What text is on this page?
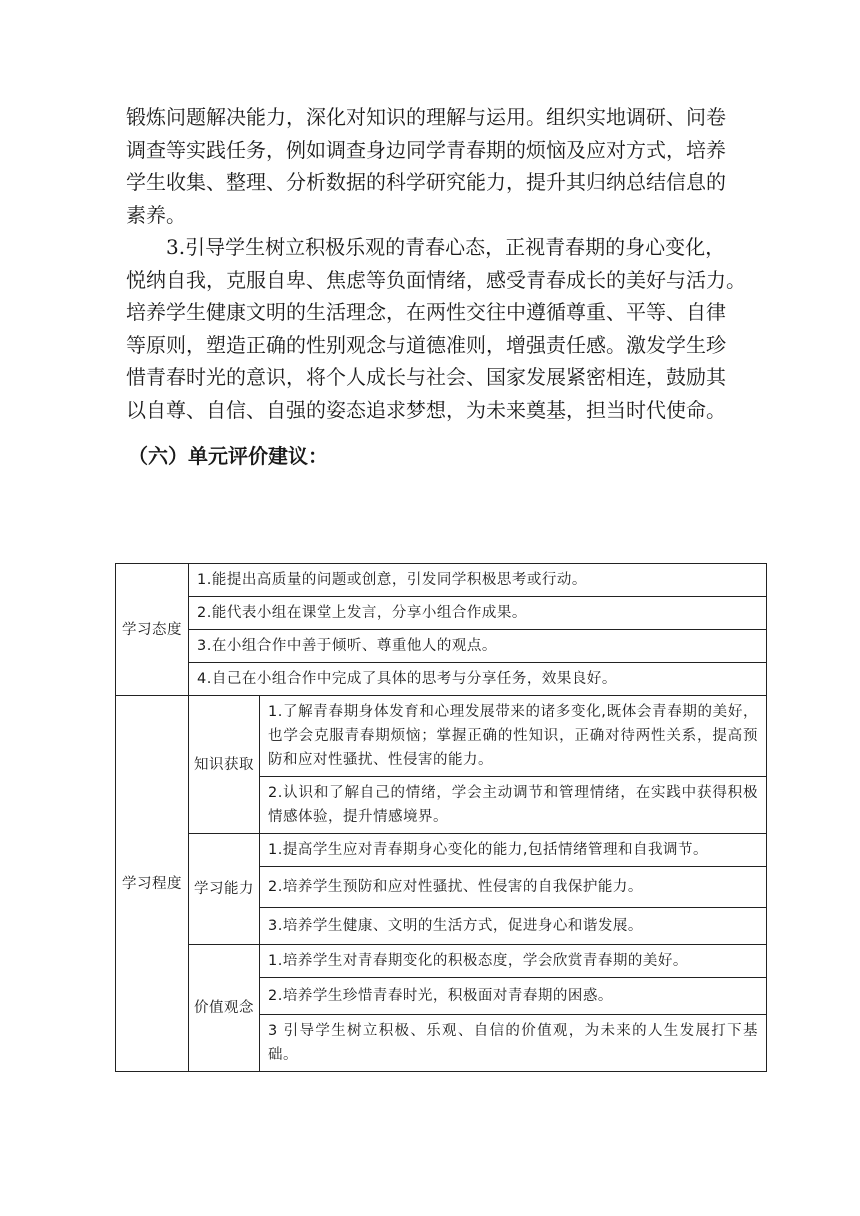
锻炼问题解决能力，深化对知识的理解与运用。组织实地调研、问卷
调查等实践任务，例如调查身边同学青春期的烦恼及应对方式，培养
学生收集、整理、分析数据的科学研究能力，提升其归纳总结信息的
素养。

3.引导学生树立积极乐观的青春心态，正视青春期的身心变化，
悦纳自我，克服自卑、焦虑等负面情绪，感受青春成长的美好与活力。
培养学生健康文明的生活理念，在两性交往中遵循尊重、平等、自律
等原则，塑造正确的性别观念与道德准则，增强责任感。激发学生珍
惜青春时光的意识，将个人成长与社会、国家发展紧密相连，鼓励其
以自尊、自信、自强的姿态追求梦想，为未来奠基，担当时代使命。

（六）单元评价建议：
学习态度	1.能提出高质量的问题或创意，引发同学积极思考或行动。	
	2.能代表小组在课堂上发言，分享小组合作成果。	
	3.在小组合作中善于倾听、尊重他人的观点。	
	4.自己在小组合作中完成了具体的思考与分享任务，效果良好。	
学习程度	知识获取	1.了解青春期身体发育和心理发展带来的诸多变化,既体会青春期的美好，也学会克服青春期烦恼；掌握正确的性知识，正确对待两性关系，提高预防和应对性骚扰、性侵害的能力。
		2.认识和了解自己的情绪，学会主动调节和管理情绪，在实践中获得积极情感体验，提升情感境界。
	学习能力	1.提高学生应对青春期身心变化的能力,包括情绪管理和自我调节。
		2.培养学生预防和应对性骚扰、性侵害的自我保护能力。
		3.培养学生健康、文明的生活方式，促进身心和谐发展。
	价值观念	1.培养学生对青春期变化的积极态度，学会欣赏青春期的美好。
		2.培养学生珍惜青春时光，积极面对青春期的困惑。
		3 引导学生树立积极、乐观、自信的价值观，为未来的人生发展打下基础。
